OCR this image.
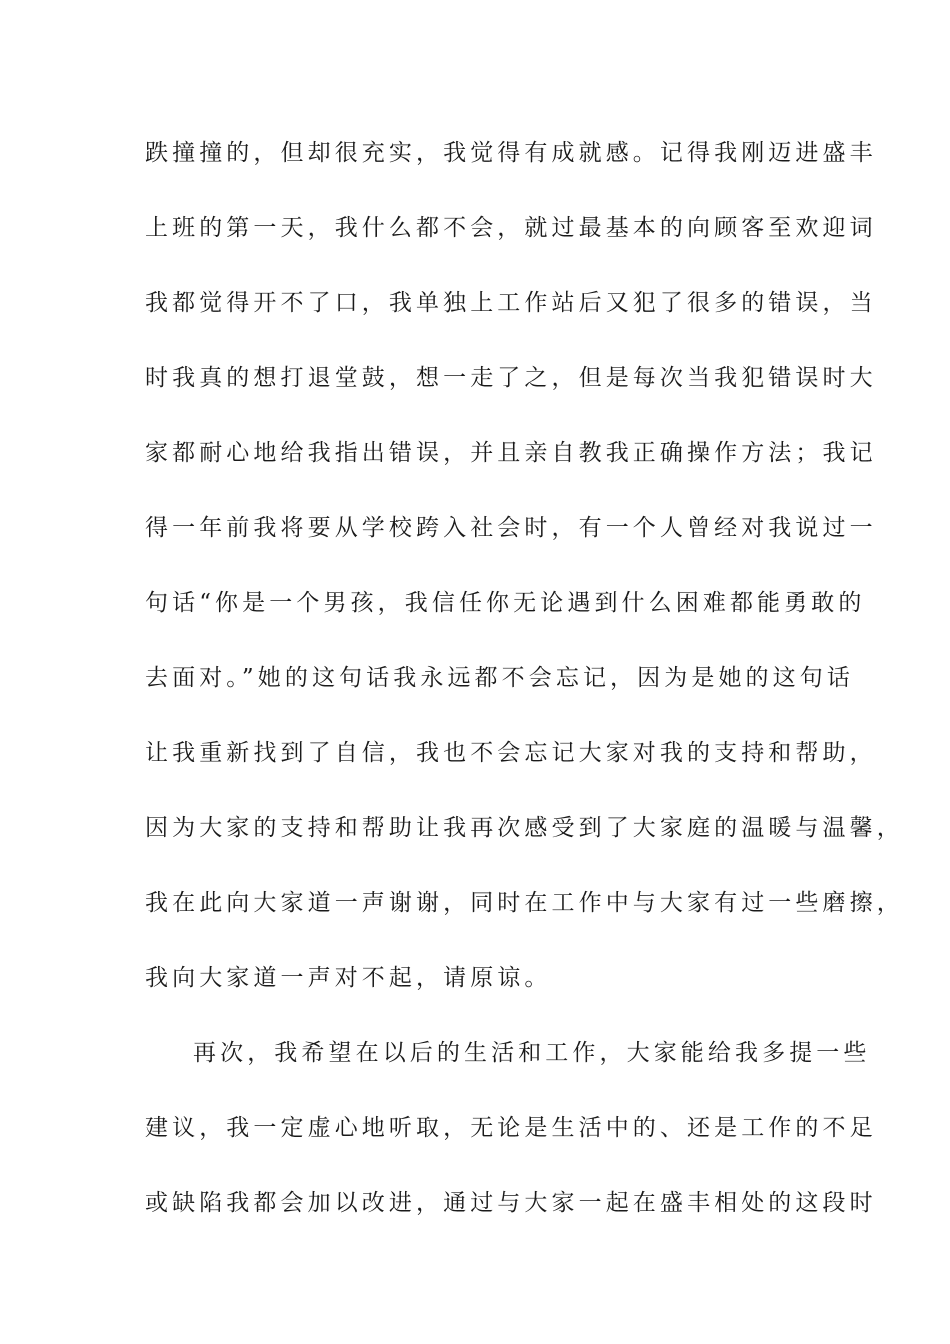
跌撞撞的，但却很充实，我觉得有成就感。记得我刚迈进盛丰
上班的第一天，我什么都不会，就过最基本的向顾客至欢迎词
我都觉得开不了口，我单独上工作站后又犯了很多的错误，当
时我真的想打退堂鼓，想一走了之，但是每次当我犯错误时大
家都耐心地给我指出错误，并且亲自教我正确操作方法；我记
得一年前我将要从学校跨入社会时，有一个人曾经对我说过一
句话“你是一个男孩，我信任你无论遇到什么困难都能勇敢的
去面对。”她的这句话我永远都不会忘记，因为是她的这句话
让我重新找到了自信，我也不会忘记大家对我的支持和帮助，
因为大家的支持和帮助让我再次感受到了大家庭的温暖与温馨，
我在此向大家道一声谢谢，同时在工作中与大家有过一些磨擦，
我向大家道一声对不起，请原谅。
再次，我希望在以后的生活和工作，大家能给我多提一些
建议，我一定虚心地听取，无论是生活中的、还是工作的不足
或缺陷我都会加以改进，通过与大家一起在盛丰相处的这段时
